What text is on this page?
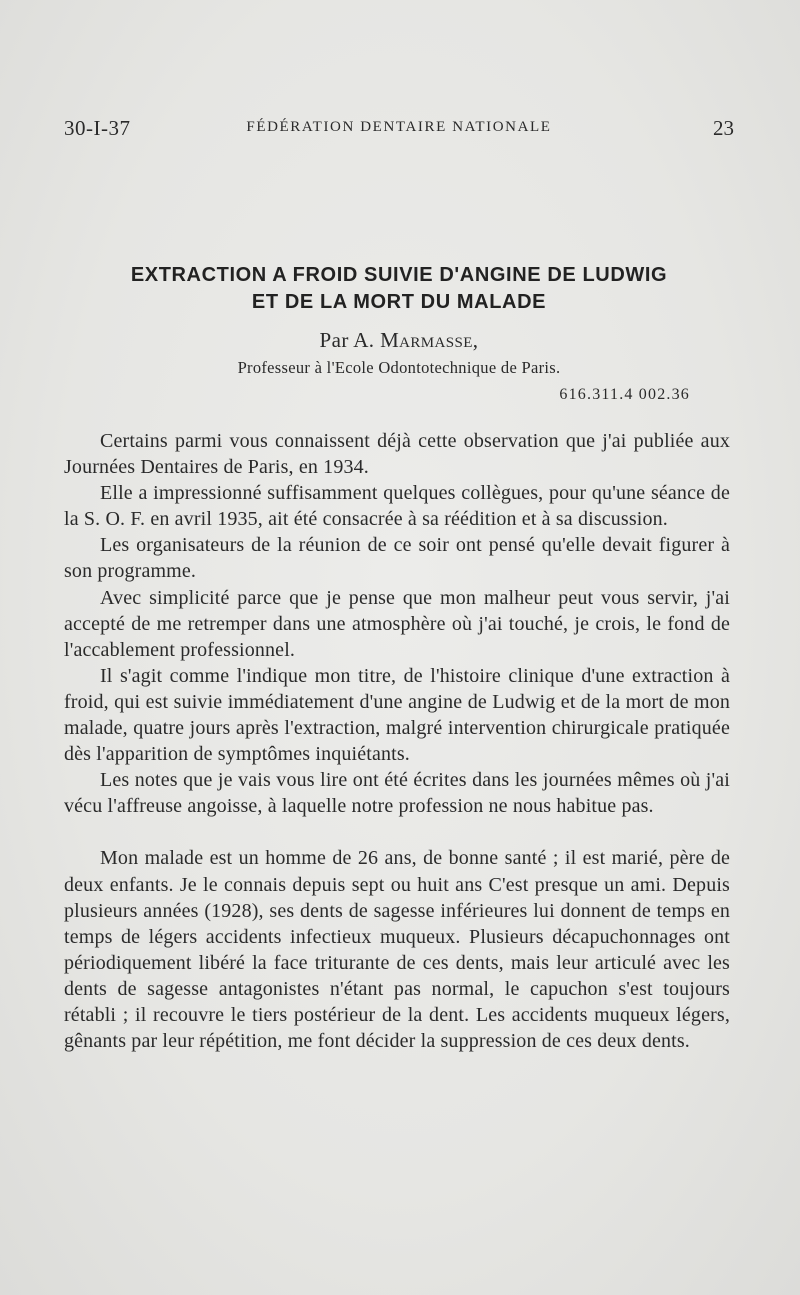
30-I-37	FÉDÉRATION DENTAIRE NATIONALE	23
EXTRACTION A FROID SUIVIE D'ANGINE DE LUDWIG
ET DE LA MORT DU MALADE
Par A. Marmasse,
Professeur à l'Ecole Odontotechnique de Paris.
616.311.4 002.36

Certains parmi vous connaissent déjà cette observation que j'ai publiée aux Journées Dentaires de Paris, en 1934.

Elle a impressionné suffisamment quelques collègues, pour qu'une séance de la S. O. F. en avril 1935, ait été consacrée à sa réédition et à sa discussion.

Les organisateurs de la réunion de ce soir ont pensé qu'elle devait figurer à son programme.

Avec simplicité parce que je pense que mon malheur peut vous servir, j'ai accepté de me retremper dans une atmosphère où j'ai touché, je crois, le fond de l'accablement professionnel.

Il s'agit comme l'indique mon titre, de l'histoire clinique d'une extraction à froid, qui est suivie immédiatement d'une angine de Ludwig et de la mort de mon malade, quatre jours après l'extraction, malgré intervention chirurgicale pratiquée dès l'apparition de symptômes inquiétants.

Les notes que je vais vous lire ont été écrites dans les journées mêmes où j'ai vécu l'affreuse angoisse, à laquelle notre profession ne nous habitue pas.

Mon malade est un homme de 26 ans, de bonne santé ; il est marié, père de deux enfants. Je le connais depuis sept ou huit ans C'est presque un ami. Depuis plusieurs années (1928), ses dents de sagesse inférieures lui donnent de temps en temps de légers accidents infectieux muqueux. Plusieurs décapuchonnages ont périodiquement libéré la face triturante de ces dents, mais leur articulé avec les dents de sagesse antagonistes n'étant pas normal, le capuchon s'est toujours rétabli ; il recouvre le tiers postérieur de la dent. Les accidents muqueux légers, gênants par leur répétition, me font décider la suppression de ces deux dents.
